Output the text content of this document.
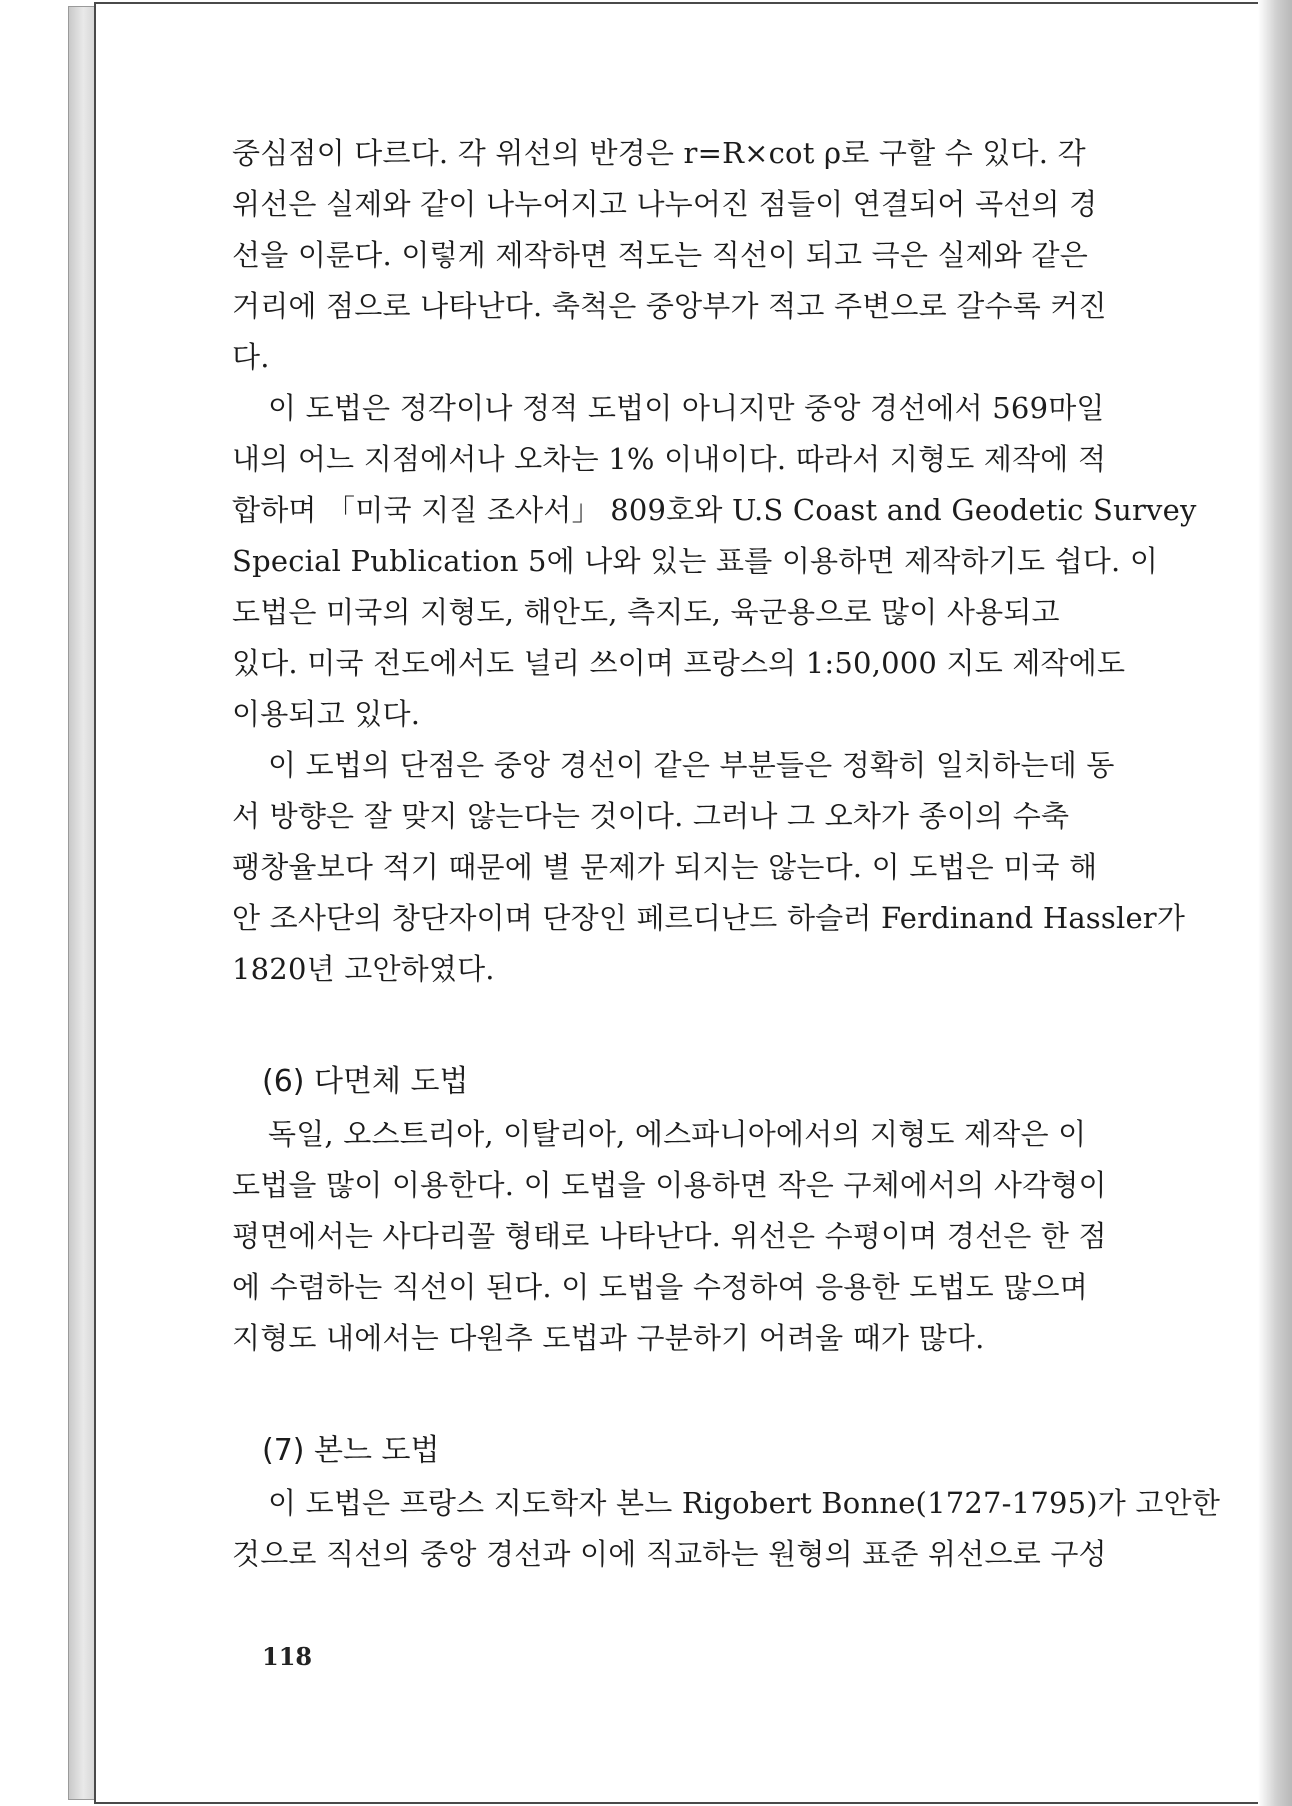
중심점이 다르다. 각 위선의 반경은 r=R×cot ρ로 구할 수 있다. 각
위선은 실제와 같이 나누어지고 나누어진 점들이 연결되어 곡선의 경
선을 이룬다. 이렇게 제작하면 적도는 직선이 되고 극은 실제와 같은
거리에 점으로 나타난다. 축척은 중앙부가 적고 주변으로 갈수록 커진
다.
이 도법은 정각이나 정적 도법이 아니지만 중앙 경선에서 569마일
내의 어느 지점에서나 오차는 1% 이내이다. 따라서 지형도 제작에 적
합하며 「미국 지질 조사서」 809호와 U.S Coast and Geodetic Survey
Special Publication 5에 나와 있는 표를 이용하면 제작하기도 쉽다. 이
도법은 미국의 지형도, 해안도, 측지도, 육군용으로 많이 사용되고
있다. 미국 전도에서도 널리 쓰이며 프랑스의 1:50,000 지도 제작에도
이용되고 있다.
이 도법의 단점은 중앙 경선이 같은 부분들은 정확히 일치하는데 동
서 방향은 잘 맞지 않는다는 것이다. 그러나 그 오차가 종이의 수축
팽창율보다 적기 때문에 별 문제가 되지는 않는다. 이 도법은 미국 해
안 조사단의 창단자이며 단장인 페르디난드 하슬러 Ferdinand Hassler가
1820년 고안하였다.
(6) 다면체 도법
독일, 오스트리아, 이탈리아, 에스파니아에서의 지형도 제작은 이
도법을 많이 이용한다. 이 도법을 이용하면 작은 구체에서의 사각형이
평면에서는 사다리꼴 형태로 나타난다. 위선은 수평이며 경선은 한 점
에 수렴하는 직선이 된다. 이 도법을 수정하여 응용한 도법도 많으며
지형도 내에서는 다원추 도법과 구분하기 어려울 때가 많다.
(7) 본느 도법
이 도법은 프랑스 지도학자 본느 Rigobert Bonne(1727-1795)가 고안한
것으로 직선의 중앙 경선과 이에 직교하는 원형의 표준 위선으로 구성
118
